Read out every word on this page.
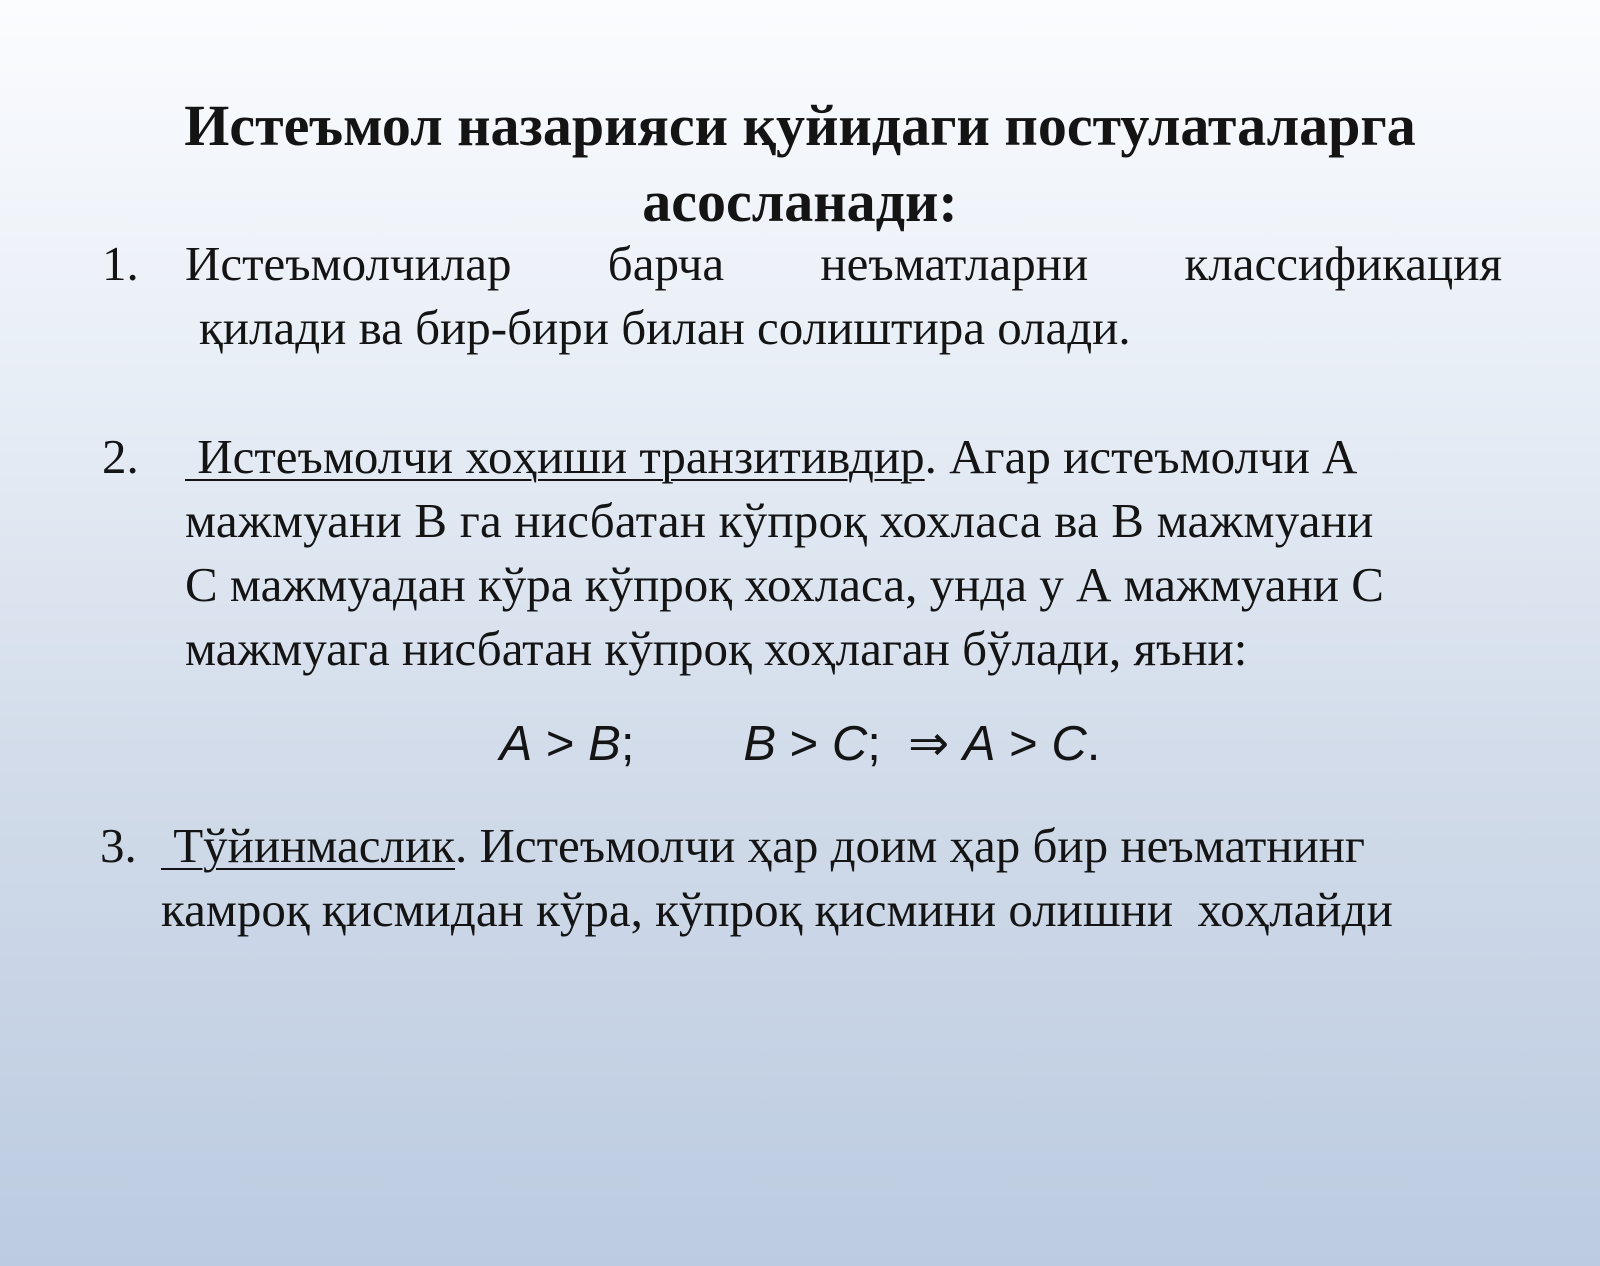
Истеъмол назарияси қуйидаги постулаталарга
асосланади:
1. Истеъмолчилар барча неъматларни классификация
қилади ва бир-бири билан солиштира олади.
2. Истеъмолчи хоҳиши транзитивдир. Агар истеъмолчи А
мажмуани В га нисбатан кўпроқ хохласа ва В мажмуани
С мажмуадан кўра кўпроқ хохласа, унда у А мажмуани С
мажмуага нисбатан кўпроқ хоҳлаган бўлади, яъни:
A > B;        B > C;  ⇒ A > C.
3. Тўйинмаслик. Истеъмолчи ҳар доим ҳар бир неъматнинг
камроқ қисмидан кўра, кўпроқ қисмини олишни  хоҳлайди
